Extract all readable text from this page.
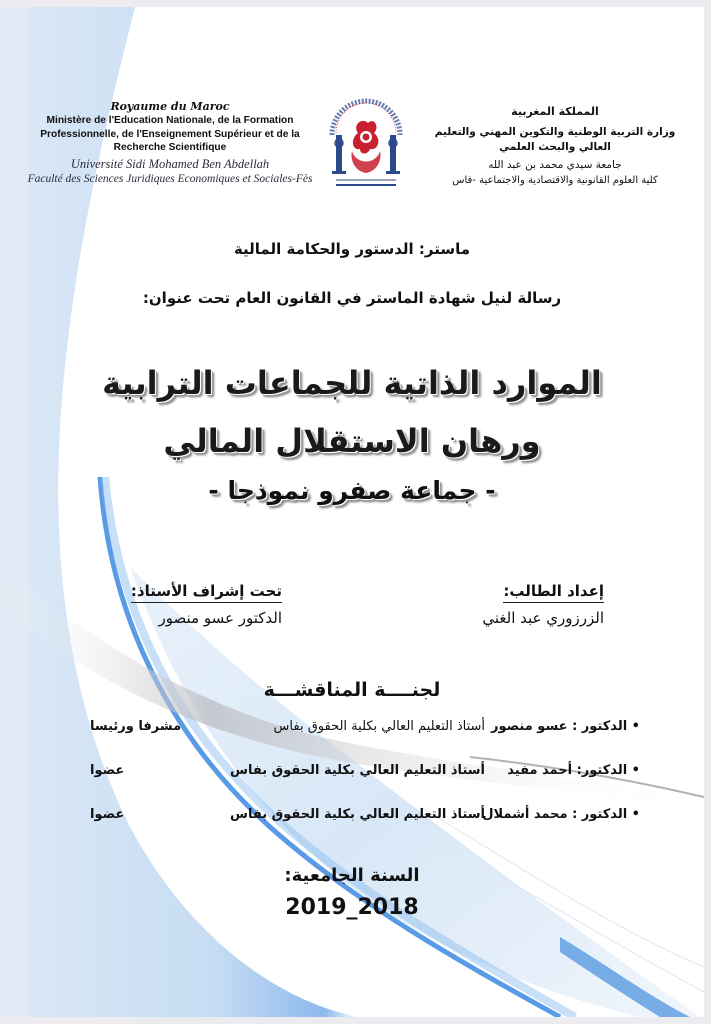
Royaume du Maroc
Ministère de l'Education Nationale, de la Formation Professionnelle, de l'Enseignement Supérieur et de la Recherche Scientifique
Université Sidi Mohamed Ben Abdellah
Faculté des Sciences Juridiques Economiques et Sociales-Fès
المملكة المغربية
وزارة التربية الوطنية والتكوين المهني والتعليم العالي والبحث العلمي
جامعة سيدي محمد بن عبد الله
كلية العلوم القانونية والاقتصادية والاجتماعية -فاس
ماستر: الدستور والحكامة المالية
رسالة لنيل شهادة الماستر في القانون العام تحت عنوان:
الموارد الذاتية للجماعات الترابية
ورهان الاستقلال المالي
- جماعة صفرو نموذجا -
إعداد الطالب:
الزرزوري عبد الغني
تحت إشراف الأستاذ:
الدكتور عسو منصور
لجنــــة المناقشـــة
• الدكتور : عسو منصور
أستاذ التعليم العالي بكلية الحقوق بفاس
مشرفا ورئيسا
• الدكتور: أحمد مفيد
أستاذ التعليم العالي بكلية الحقوق بفاس
عضوا
• الدكتور : محمد أشملال
أستاذ التعليم العالي بكلية الحقوق بفاس
عضوا
السنة الجامعية:
2019_2018
